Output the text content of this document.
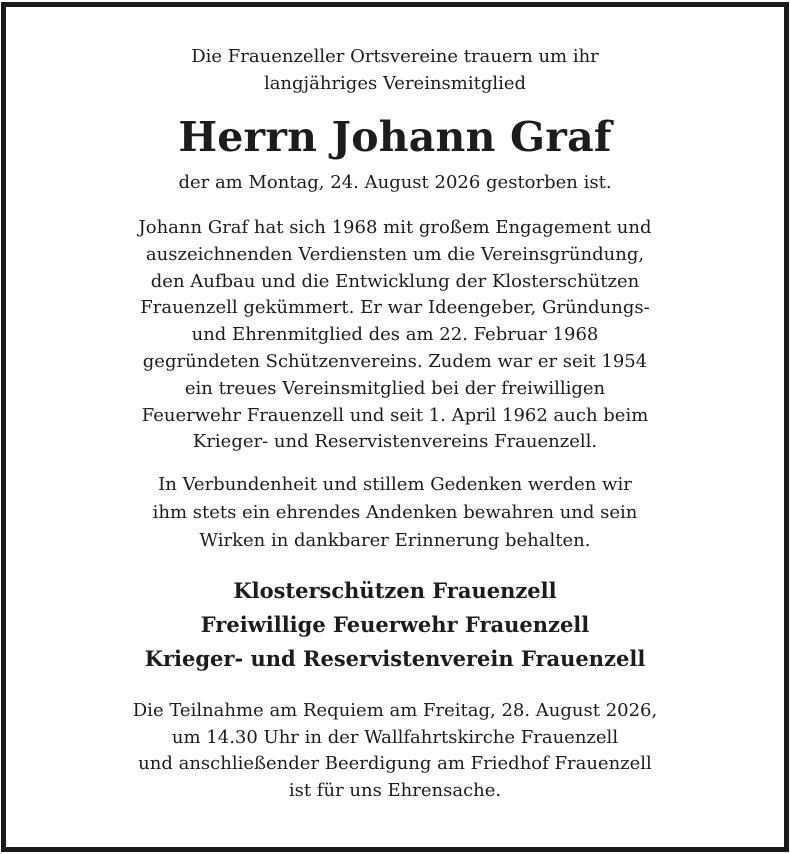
Die Frauenzeller Ortsvereine trauern um ihr
langjähriges Vereinsmitglied
Herrn Johann Graf
der am Montag, 24. August 2026 gestorben ist.
Johann Graf hat sich 1968 mit großem Engagement und
auszeichnenden Verdiensten um die Vereinsgründung,
den Aufbau und die Entwicklung der Klosterschützen
Frauenzell gekümmert. Er war Ideengeber, Gründungs-
und Ehrenmitglied des am 22. Februar 1968
gegründeten Schützenvereins. Zudem war er seit 1954
ein treues Vereinsmitglied bei der freiwilligen
Feuerwehr Frauenzell und seit 1. April 1962 auch beim
Krieger- und Reservistenvereins Frauenzell.
In Verbundenheit und stillem Gedenken werden wir
ihm stets ein ehrendes Andenken bewahren und sein
Wirken in dankbarer Erinnerung behalten.
Klosterschützen Frauenzell
Freiwillige Feuerwehr Frauenzell
Krieger- und Reservistenverein Frauenzell
Die Teilnahme am Requiem am Freitag, 28. August 2026,
um 14.30 Uhr in der Wallfahrtskirche Frauenzell
und anschließender Beerdigung am Friedhof Frauenzell
ist für uns Ehrensache.
